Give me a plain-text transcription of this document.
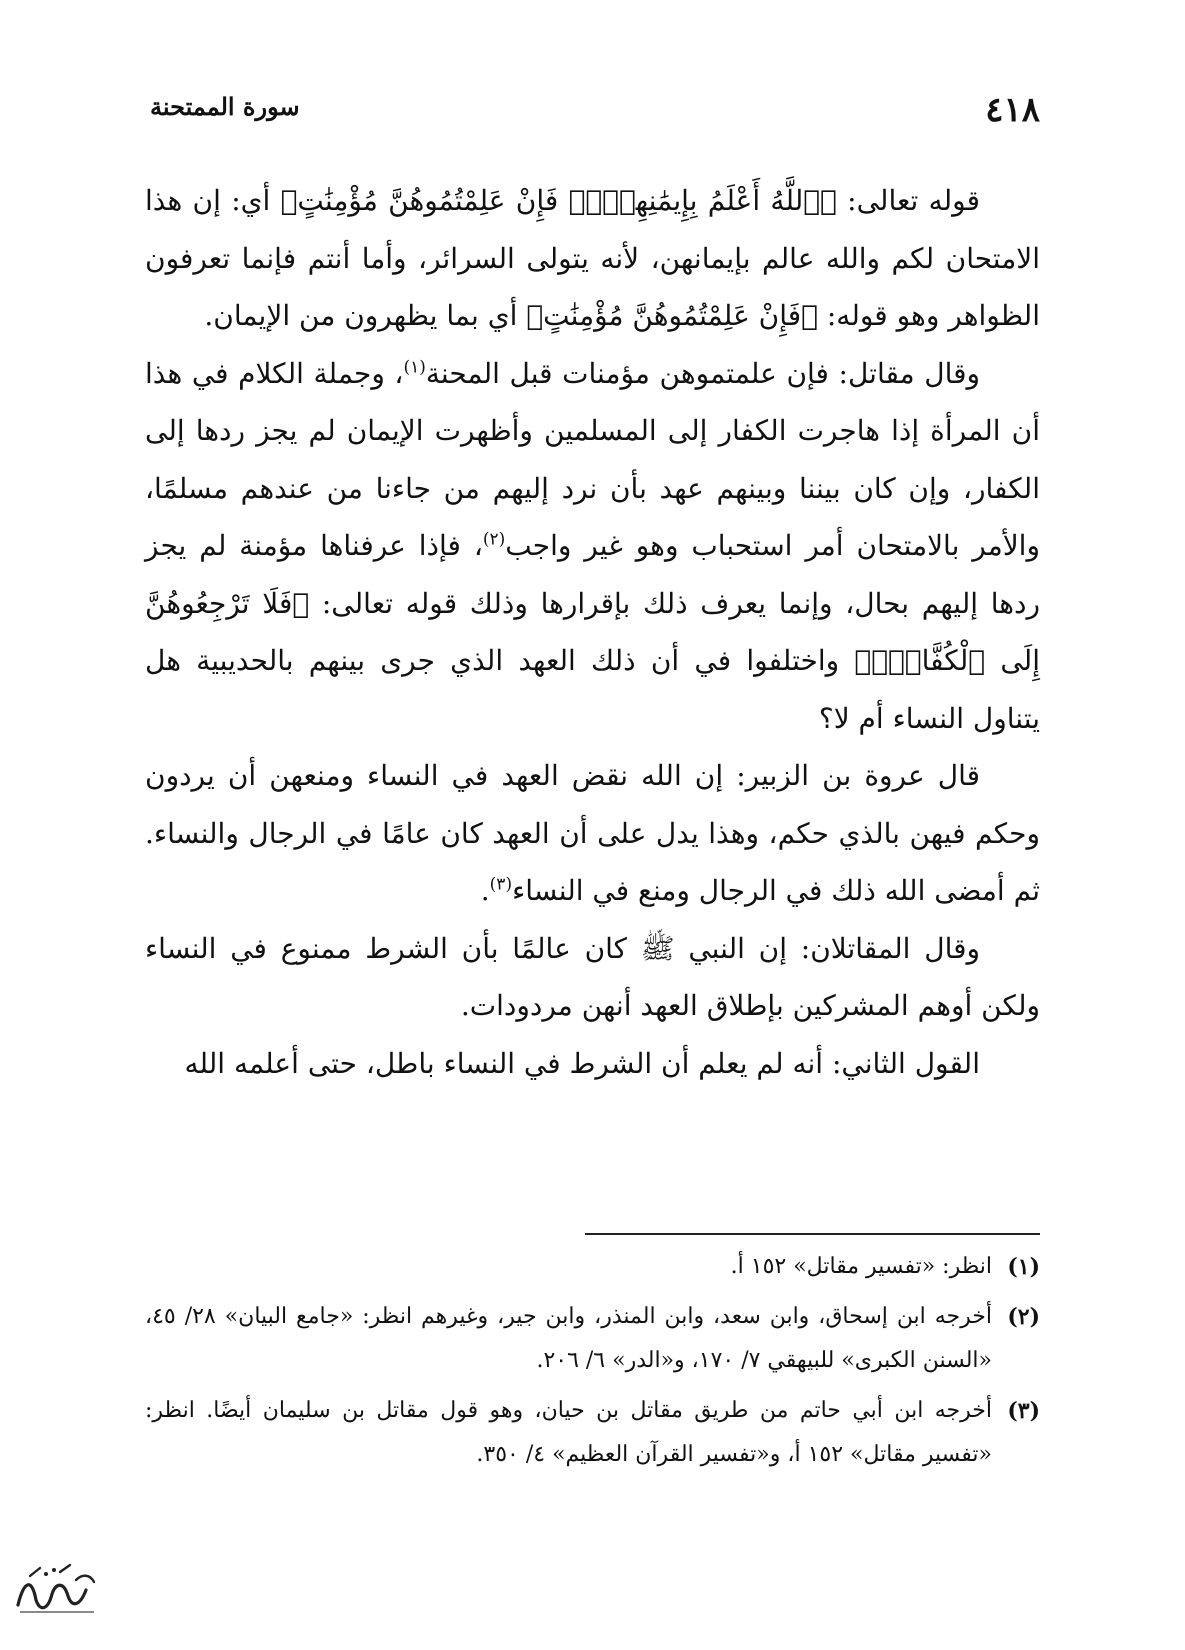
٤١٨
سورة الممتحنة

قوله تعالى: ﴿ٱللَّهُ أَعْلَمُ بِإِيمَٰنِهِنَّۖ فَإِنْ عَلِمْتُمُوهُنَّ مُؤْمِنَٰتٍ﴾ أي: إن هذا الامتحان لكم والله عالم بإيمانهن، لأنه يتولى السرائر، وأما أنتم فإنما تعرفون الظواهر وهو قوله: ﴿فَإِنْ عَلِمْتُمُوهُنَّ مُؤْمِنَٰتٍ﴾ أي بما يظهرون من الإيمان.

وقال مقاتل: فإن علمتموهن مؤمنات قبل المحنة$^{(١)}$، وجملة الكلام في هذا أن المرأة إذا هاجرت الكفار إلى المسلمين وأظهرت الإيمان لم يجز ردها إلى الكفار، وإن كان بيننا وبينهم عهد بأن نرد إليهم من جاءنا من عندهم مسلمًا، والأمر بالامتحان أمر استحباب وهو غير واجب$^{(٢)}$، فإذا عرفناها مؤمنة لم يجز ردها إليهم بحال، وإنما يعرف ذلك بإقرارها وذلك قوله تعالى: ﴿فَلَا تَرْجِعُوهُنَّ إِلَى ٱلْكُفَّارِۖ﴾ واختلفوا في أن ذلك العهد الذي جرى بينهم بالحديبية هل يتناول النساء أم لا؟

قال عروة بن الزبير: إن الله نقض العهد في النساء ومنعهن أن يردون وحكم فيهن بالذي حكم، وهذا يدل على أن العهد كان عامًا في الرجال والنساء. ثم أمضى الله ذلك في الرجال ومنع في النساء$^{(٣)}$.

وقال المقاتلان: إن النبي ﷺ كان عالمًا بأن الشرط ممنوع في النساء ولكن أوهم المشركين بإطلاق العهد أنهن مردودات.

القول الثاني: أنه لم يعلم أن الشرط في النساء باطل، حتى أعلمه الله

(١)
انظر: «تفسير مقاتل» ١٥٢ أ.
(٢)
أخرجه ابن إسحاق، وابن سعد، وابن المنذر، وابن جير، وغيرهم انظر: «جامع البيان» ٢٨/ ٤٥، «السنن الكبرى» للبيهقي ٧/ ١٧٠، و«الدر» ٦/ ٢٠٦.
(٣)
أخرجه ابن أبي حاتم من طريق مقاتل بن حيان، وهو قول مقاتل بن سليمان أيضًا. انظر: «تفسير مقاتل» ١٥٢ أ، و«تفسير القرآن العظيم» ٤/ ٣٥٠.
